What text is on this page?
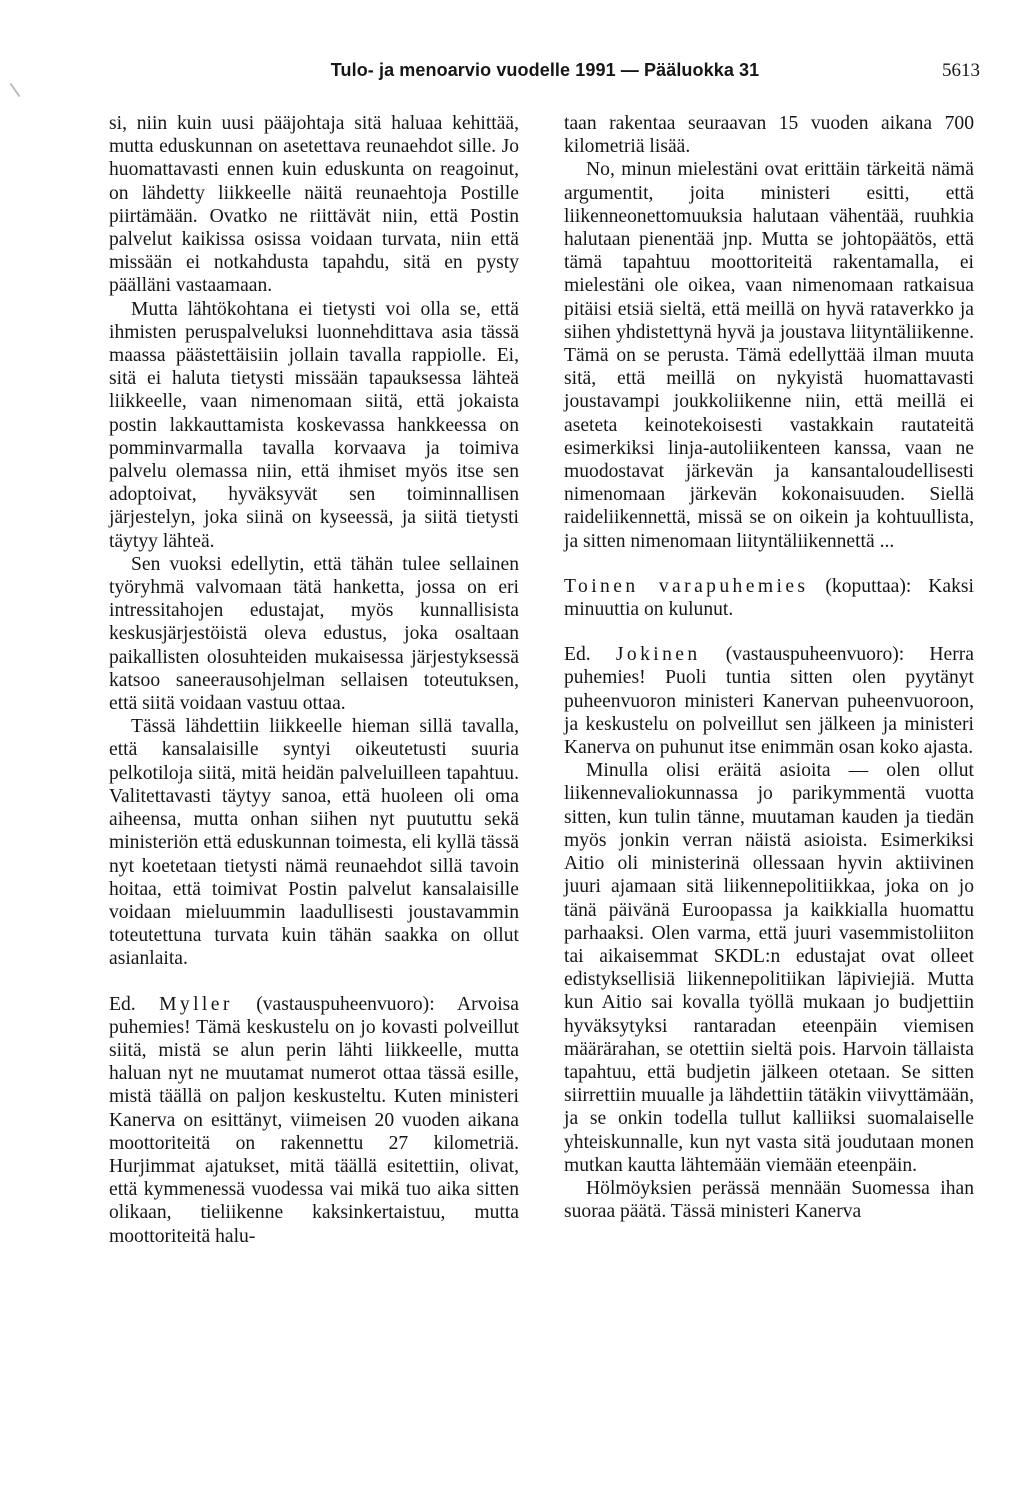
Tulo- ja menoarvio vuodelle 1991 — Pääluokka 31	5613

si, niin kuin uusi pääjohtaja sitä haluaa kehittää, mutta eduskunnan on asetettava reunaehdot sille. Jo huomattavasti ennen kuin eduskunta on reagoinut, on lähdetty liikkeelle näitä reunaehtoja Postille piirtämään. Ovatko ne riittävät niin, että Postin palvelut kaikissa osissa voidaan turvata, niin että missään ei notkahdusta tapahdu, sitä en pysty päälläni vastaamaan.

Mutta lähtökohtana ei tietysti voi olla se, että ihmisten peruspalveluksi luonnehdittava asia tässä maassa päästettäisiin jollain tavalla rappiolle. Ei, sitä ei haluta tietysti missään tapauksessa lähteä liikkeelle, vaan nimenomaan siitä, että jokaista postin lakkauttamista koskevassa hankkeessa on pomminvarmalla tavalla korvaava ja toimiva palvelu olemassa niin, että ihmiset myös itse sen adoptoivat, hyväksyvät sen toiminnallisen järjestelyn, joka siinä on kyseessä, ja siitä tietysti täytyy lähteä.

Sen vuoksi edellytin, että tähän tulee sellainen työryhmä valvomaan tätä hanketta, jossa on eri intressitahojen edustajat, myös kunnallisista keskusjärjestöistä oleva edustus, joka osaltaan paikallisten olosuhteiden mukaisessa järjestyksessä katsoo saneerausohjelman sellaisen toteutuksen, että siitä voidaan vastuu ottaa.

Tässä lähdettiin liikkeelle hieman sillä tavalla, että kansalaisille syntyi oikeutetusti suuria pelkotiloja siitä, mitä heidän palveluilleen tapahtuu. Valitettavasti täytyy sanoa, että huoleen oli oma aiheensa, mutta onhan siihen nyt puututtu sekä ministeriön että eduskunnan toimesta, eli kyllä tässä nyt koetetaan tietysti nämä reunaehdot sillä tavoin hoitaa, että toimivat Postin palvelut kansalaisille voidaan mieluummin laadullisesti joustavammin toteutettuna turvata kuin tähän saakka on ollut asianlaita.

Ed. Myller (vastauspuheenvuoro): Arvoisa puhemies! Tämä keskustelu on jo kovasti polveillut siitä, mistä se alun perin lähti liikkeelle, mutta haluan nyt ne muutamat numerot ottaa tässä esille, mistä täällä on paljon keskusteltu. Kuten ministeri Kanerva on esittänyt, viimeisen 20 vuoden aikana moottoriteitä on rakennettu 27 kilometriä. Hurjimmat ajatukset, mitä täällä esitettiin, olivat, että kymmenessä vuodessa vai mikä tuo aika sitten olikaan, tieliikenne kaksinkertaistuu, mutta moottoriteitä halu-

taan rakentaa seuraavan 15 vuoden aikana 700 kilometriä lisää.

No, minun mielestäni ovat erittäin tärkeitä nämä argumentit, joita ministeri esitti, että liikenneonettomuuksia halutaan vähentää, ruuhkia halutaan pienentää jnp. Mutta se johtopäätös, että tämä tapahtuu moottoriteitä rakentamalla, ei mielestäni ole oikea, vaan nimenomaan ratkaisua pitäisi etsiä sieltä, että meillä on hyvä rataverkko ja siihen yhdistettynä hyvä ja joustava liityntäliikenne. Tämä on se perusta. Tämä edellyttää ilman muuta sitä, että meillä on nykyistä huomattavasti joustavampi joukkoliikenne niin, että meillä ei aseteta keinotekoisesti vastakkain rautateitä esimerkiksi linja-autoliikenteen kanssa, vaan ne muodostavat järkevän ja kansantaloudellisesti nimenomaan järkevän kokonaisuuden. Siellä raideliikennettä, missä se on oikein ja kohtuullista, ja sitten nimenomaan liityntäliikennettä ...

Toinen varapuhemies (koputtaa): Kaksi minuuttia on kulunut.

Ed. Jokinen (vastauspuheenvuoro): Herra puhemies! Puoli tuntia sitten olen pyytänyt puheenvuoron ministeri Kanervan puheenvuoroon, ja keskustelu on polveillut sen jälkeen ja ministeri Kanerva on puhunut itse enimmän osan koko ajasta.

Minulla olisi eräitä asioita — olen ollut liikennevaliokunnassa jo parikymmentä vuotta sitten, kun tulin tänne, muutaman kauden ja tiedän myös jonkin verran näistä asioista. Esimerkiksi Aitio oli ministerinä ollessaan hyvin aktiivinen juuri ajamaan sitä liikennepolitiikkaa, joka on jo tänä päivänä Euroopassa ja kaikkialla huomattu parhaaksi. Olen varma, että juuri vasemmistoliiton tai aikaisemmat SKDL:n edustajat ovat olleet edistyksellisiä liikennepolitiikan läpiviejiä. Mutta kun Aitio sai kovalla työllä mukaan jo budjettiin hyväksytyksi rantaradan eteenpäin viemisen määrärahan, se otettiin sieltä pois. Harvoin tällaista tapahtuu, että budjetin jälkeen otetaan. Se sitten siirrettiin muualle ja lähdettiin tätäkin viivyttämään, ja se onkin todella tullut kalliiksi suomalaiselle yhteiskunnalle, kun nyt vasta sitä joudutaan monen mutkan kautta lähtemään viemään eteenpäin.

Hölmöyksien perässä mennään Suomessa ihan suoraa päätä. Tässä ministeri Kanerva
